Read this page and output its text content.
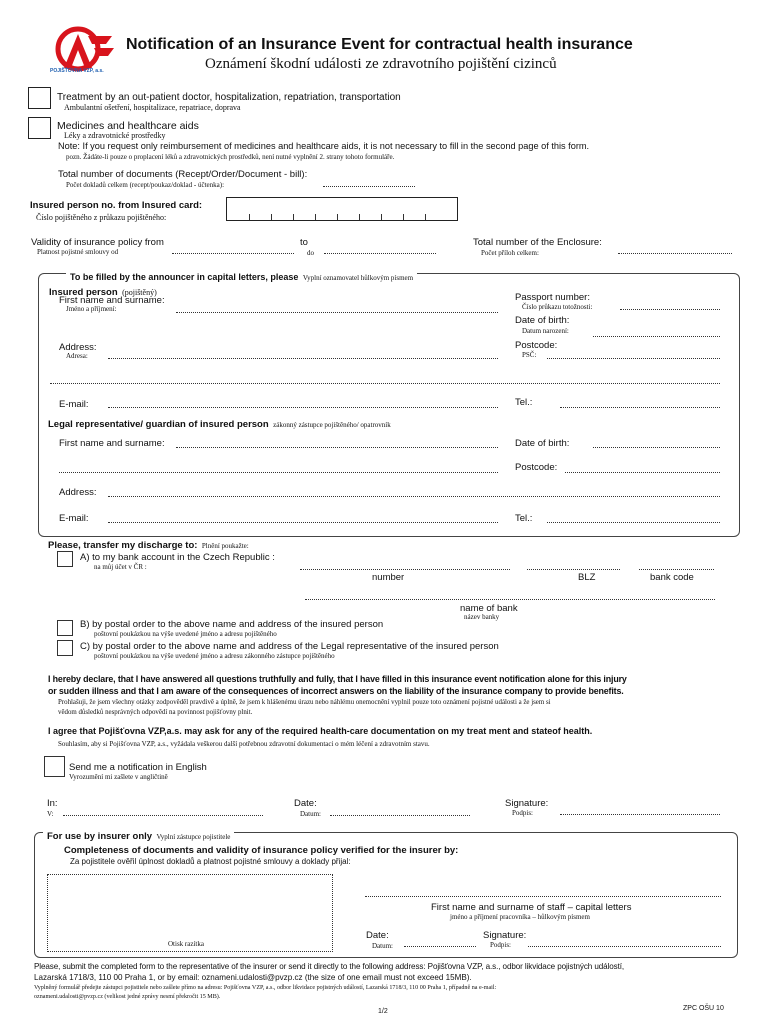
POJIŠŤOVNA VZP, a.s.
Notification of an Insurance Event for contractual health insurance
Oznámení škodní události ze zdravotního pojištění cizinců
Treatment by an out-patient doctor, hospitalization, repatriation, transportation
Ambulantní ošetření, hospitalizace, repatriace, doprava
Medicines and healthcare aids
Léky a zdravotnické prostředky
Note: If you request only reimbursement of medicines and healthcare aids, it is not necessary to fill in the second page of this form.
pozn. Žádáte-li pouze o proplacení léků a zdravotnických prostředků, není nutné vyplnění 2. strany tohoto formuláře.
Total number of documents (Recept/Order/Document - bill):
Počet dokladů celkem (recept/poukaz/doklad - účtenka):
Insured person no. from Insured card:
Číslo pojištěného z průkazu pojištěného:
Validity of insurance policy from
Platnost pojistné smlouvy od
to
do
Total number of the Enclosure:
Počet příloh celkem:
To be filled by the announcer in capital letters, please Vyplní oznamovatel hůlkovým písmem
Insured person (pojištěný)
First name and surname:
Jméno a příjmení:
Passport number:
Číslo průkazu totožnosti:
Date of birth:
Datum narození:
Address:
Adresa:
Postcode:
PSČ:
E-mail:	Tel.:
Legal representative/ guardian of insured person zákonný zástupce pojištěného/ opatrovník
First name and surname:	Date of birth:
Postcode:
Address:
E-mail:	Tel.:
Please, transfer my discharge to: Plnění poukažte:
A) to my bank account in the Czech Republic :
na můj účet v ČR :
number	BLZ	bank code
name of bank
název banky
B) by postal order to the above name and address of the insured person
poštovní poukázkou na výše uvedené jméno a adresu pojištěného
C) by postal order to the above name and address of the Legal representative of the insured person
poštovní poukázkou na výše uvedené jméno a adresu zákonného zástupce pojištěného
I hereby declare, that I have answered all questions truthfully and fully, that I have filled in this insurance event notification alone for this injury
or sudden illness and that I am aware of the consequences of incorrect answers on the liability of the insurance company to provide benefits.
Prohlašuji, že jsem všechny otázky zodpověděl pravdivě a úplně, že jsem k hlášenému úrazu nebo náhlému onemocnění vyplnil pouze toto oznámení pojistné události a že jsem si
vědom důsledků nesprávných odpovědí na povinnost pojišťovny plnit.
I agree that Pojišťovna VZP,a.s. may ask for any of the required health-care documentation on my treat ment and stateof health.
Souhlasím, aby si Pojišťovna VZP, a.s., vyžádala veškerou další potřebnou zdravotní dokumentaci o mém léčení a zdravotním stavu.
Send me a notification in English
Vyrozumění mi zašlete v angličtině
In:
V:
Date:
Datum:
Signature:
Podpis:
For use by insurer only Vyplní zástupce pojistitele
Completeness of documents and validity of insurance policy verified for the insurer by:
Za pojistitele ověřil úplnost dokladů a platnost pojistné smlouvy a doklady přijal:
Otisk razítka
First name and surname of staff – capital letters
jméno a příjmení pracovníka – hůlkovým písmem
Date:
Datum:
Signature:
Podpis:
Please, submit the completed form to the representative of the insurer or send it directly to the following address: Pojišťovna VZP, a.s., odbor likvidace pojistných událostí,
Lazarská 1718/3, 110 00 Praha 1, or by email: oznameni.udalosti@pvzp.cz (the size of one email must not exceed 15MB).
Vyplněný formulář předejte zástupci pojistitele nebo zašlete přímo na adresu: Pojišťovna VZP, a.s., odbor likvidace pojistných událostí, Lazarská 1718/3, 110 00 Praha 1, případně na e-mail:
oznameni.udalosti@pvzp.cz (velikost jedné zprávy nesmí překročit 15 MB).
1/2	ZPC OŠU 10
